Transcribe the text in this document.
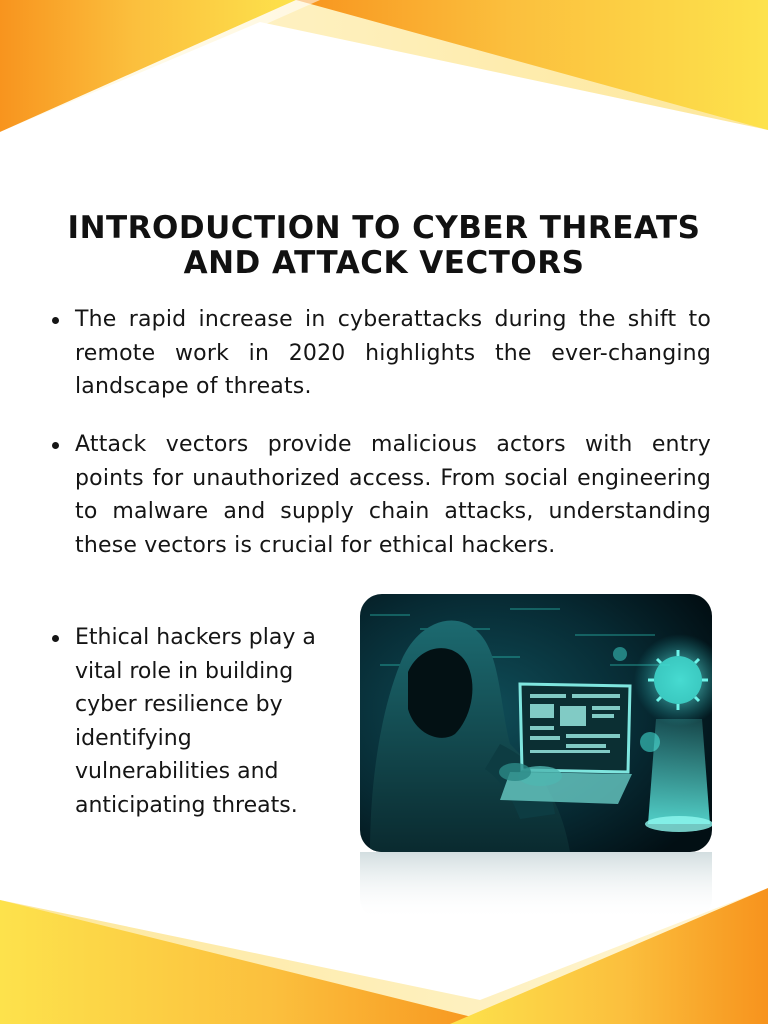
INTRODUCTION TO CYBER THREATS
AND ATTACK VECTORS
The rapid increase in cyberattacks during the shift to remote work in 2020 highlights the ever-changing landscape of threats.
Attack vectors provide malicious actors with entry points for unauthorized access. From social engineering to malware and supply chain attacks, understanding these vectors is crucial for ethical hackers.
Ethical hackers play a vital role in building cyber resilience by identifying vulnerabilities and anticipating threats.
